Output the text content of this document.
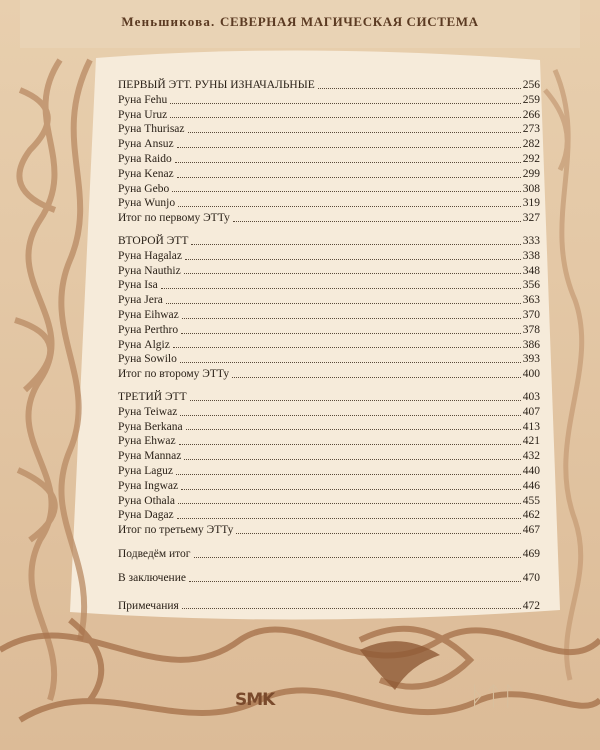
ᚦᛏᛚ
Меньшикова. СЕВЕРНАЯ МАГИЧЕСКАЯ СИСТЕМА
ПЕРВЫЙ ЭТТ. РУНЫ ИЗНАЧАЛЬНЫЕ	256
Руна Fehu	259
Руна Uruz	266
Руна Thurisaz	273
Руна Ansuz	282
Руна Raido	292
Руна Kenaz	299
Руна Gebo	308
Руна Wunjo	319
Итог по первому ЭТТу	327
ВТОРОЙ ЭТТ	333
Руна Hagalaz	338
Руна Nauthiz	348
Руна Isa	356
Руна Jera	363
Руна Eihwaz	370
Руна Perthro	378
Руна Algiz	386
Руна Sowilo	393
Итог по второму ЭТТу	400
ТРЕТИЙ ЭТТ	403
Руна Teiwaz	407
Руна Berkana	413
Руна Ehwaz	421
Руна Mannaz	432
Руна Laguz	440
Руна Ingwaz	446
Руна Othala	455
Руна Dagaz	462
Итог по третьему ЭТТу	467
Подведём итог	469
В заключение	470
Примечания	472
SMK
